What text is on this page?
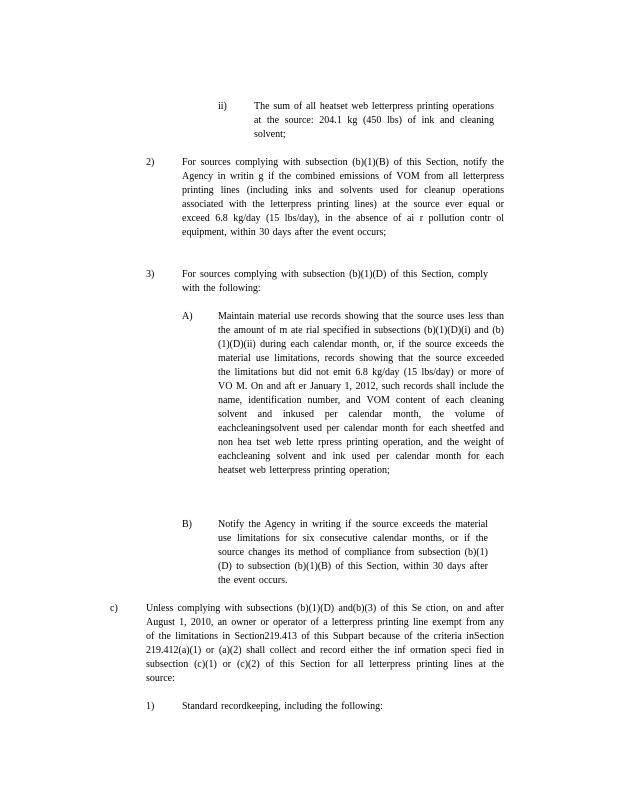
ii)	The sum of all heatset web letterpress printing operations at the source: 204.1 kg (450 lbs) of ink and cleaning solvent;
2)	For sources complying with subsection (b)(1)(B) of this Section, notify the Agency in writin g if the combined emissions of VOM from all letterpress printing lines (including inks and solvents used for cleanup operations associated with the letterpress printing lines) at the source ever equal or exceed 6.8 kg/day (15 lbs/day), in the absence of ai r pollution contr ol equipment, within 30 days after the event occurs;
3)	For sources complying with subsection (b)(1)(D) of this Section, comply with the following:
A)	Maintain material use records showing that the source uses less than the amount of m ate rial specified in subsections (b)(1)(D)(i) and (b)(1)(D)(ii) during each calendar month, or, if the source exceeds the material use limitations, records showing that the source exceeded the limitations but did not emit 6.8 kg/day (15 lbs/day) or more of VO M. On and aft er January 1, 2012, such records shall include the name, identification number, and VOM content of each cleaning solvent and inkused per calendar month, the volume of eachcleaningsolvent used per calendar month for each sheetfed and non hea tset web lette rpress printing operation, and the weight of eachcleaning solvent and ink used per calendar month for each heatset web letterpress printing operation;
B)	Notify the Agency in writing if the source exceeds the material use limitations for six consecutive calendar months, or if the source changes its method of compliance from subsection (b)(1)(D) to subsection (b)(1)(B) of this Section, within 30 days after the event occurs.
c)	Unless complying with subsections (b)(1)(D) and(b)(3) of this Se ction, on and after August 1, 2010, an owner or operator of a letterpress printing line exempt from any of the limitations in Section219.413 of this Subpart because of the criteria inSection 219.412(a)(1) or (a)(2) shall collect and record either the inf ormation speci fied in subsection (c)(1) or (c)(2) of this Section for all letterpress printing lines at the source:
1)	Standard recordkeeping, including the following:
